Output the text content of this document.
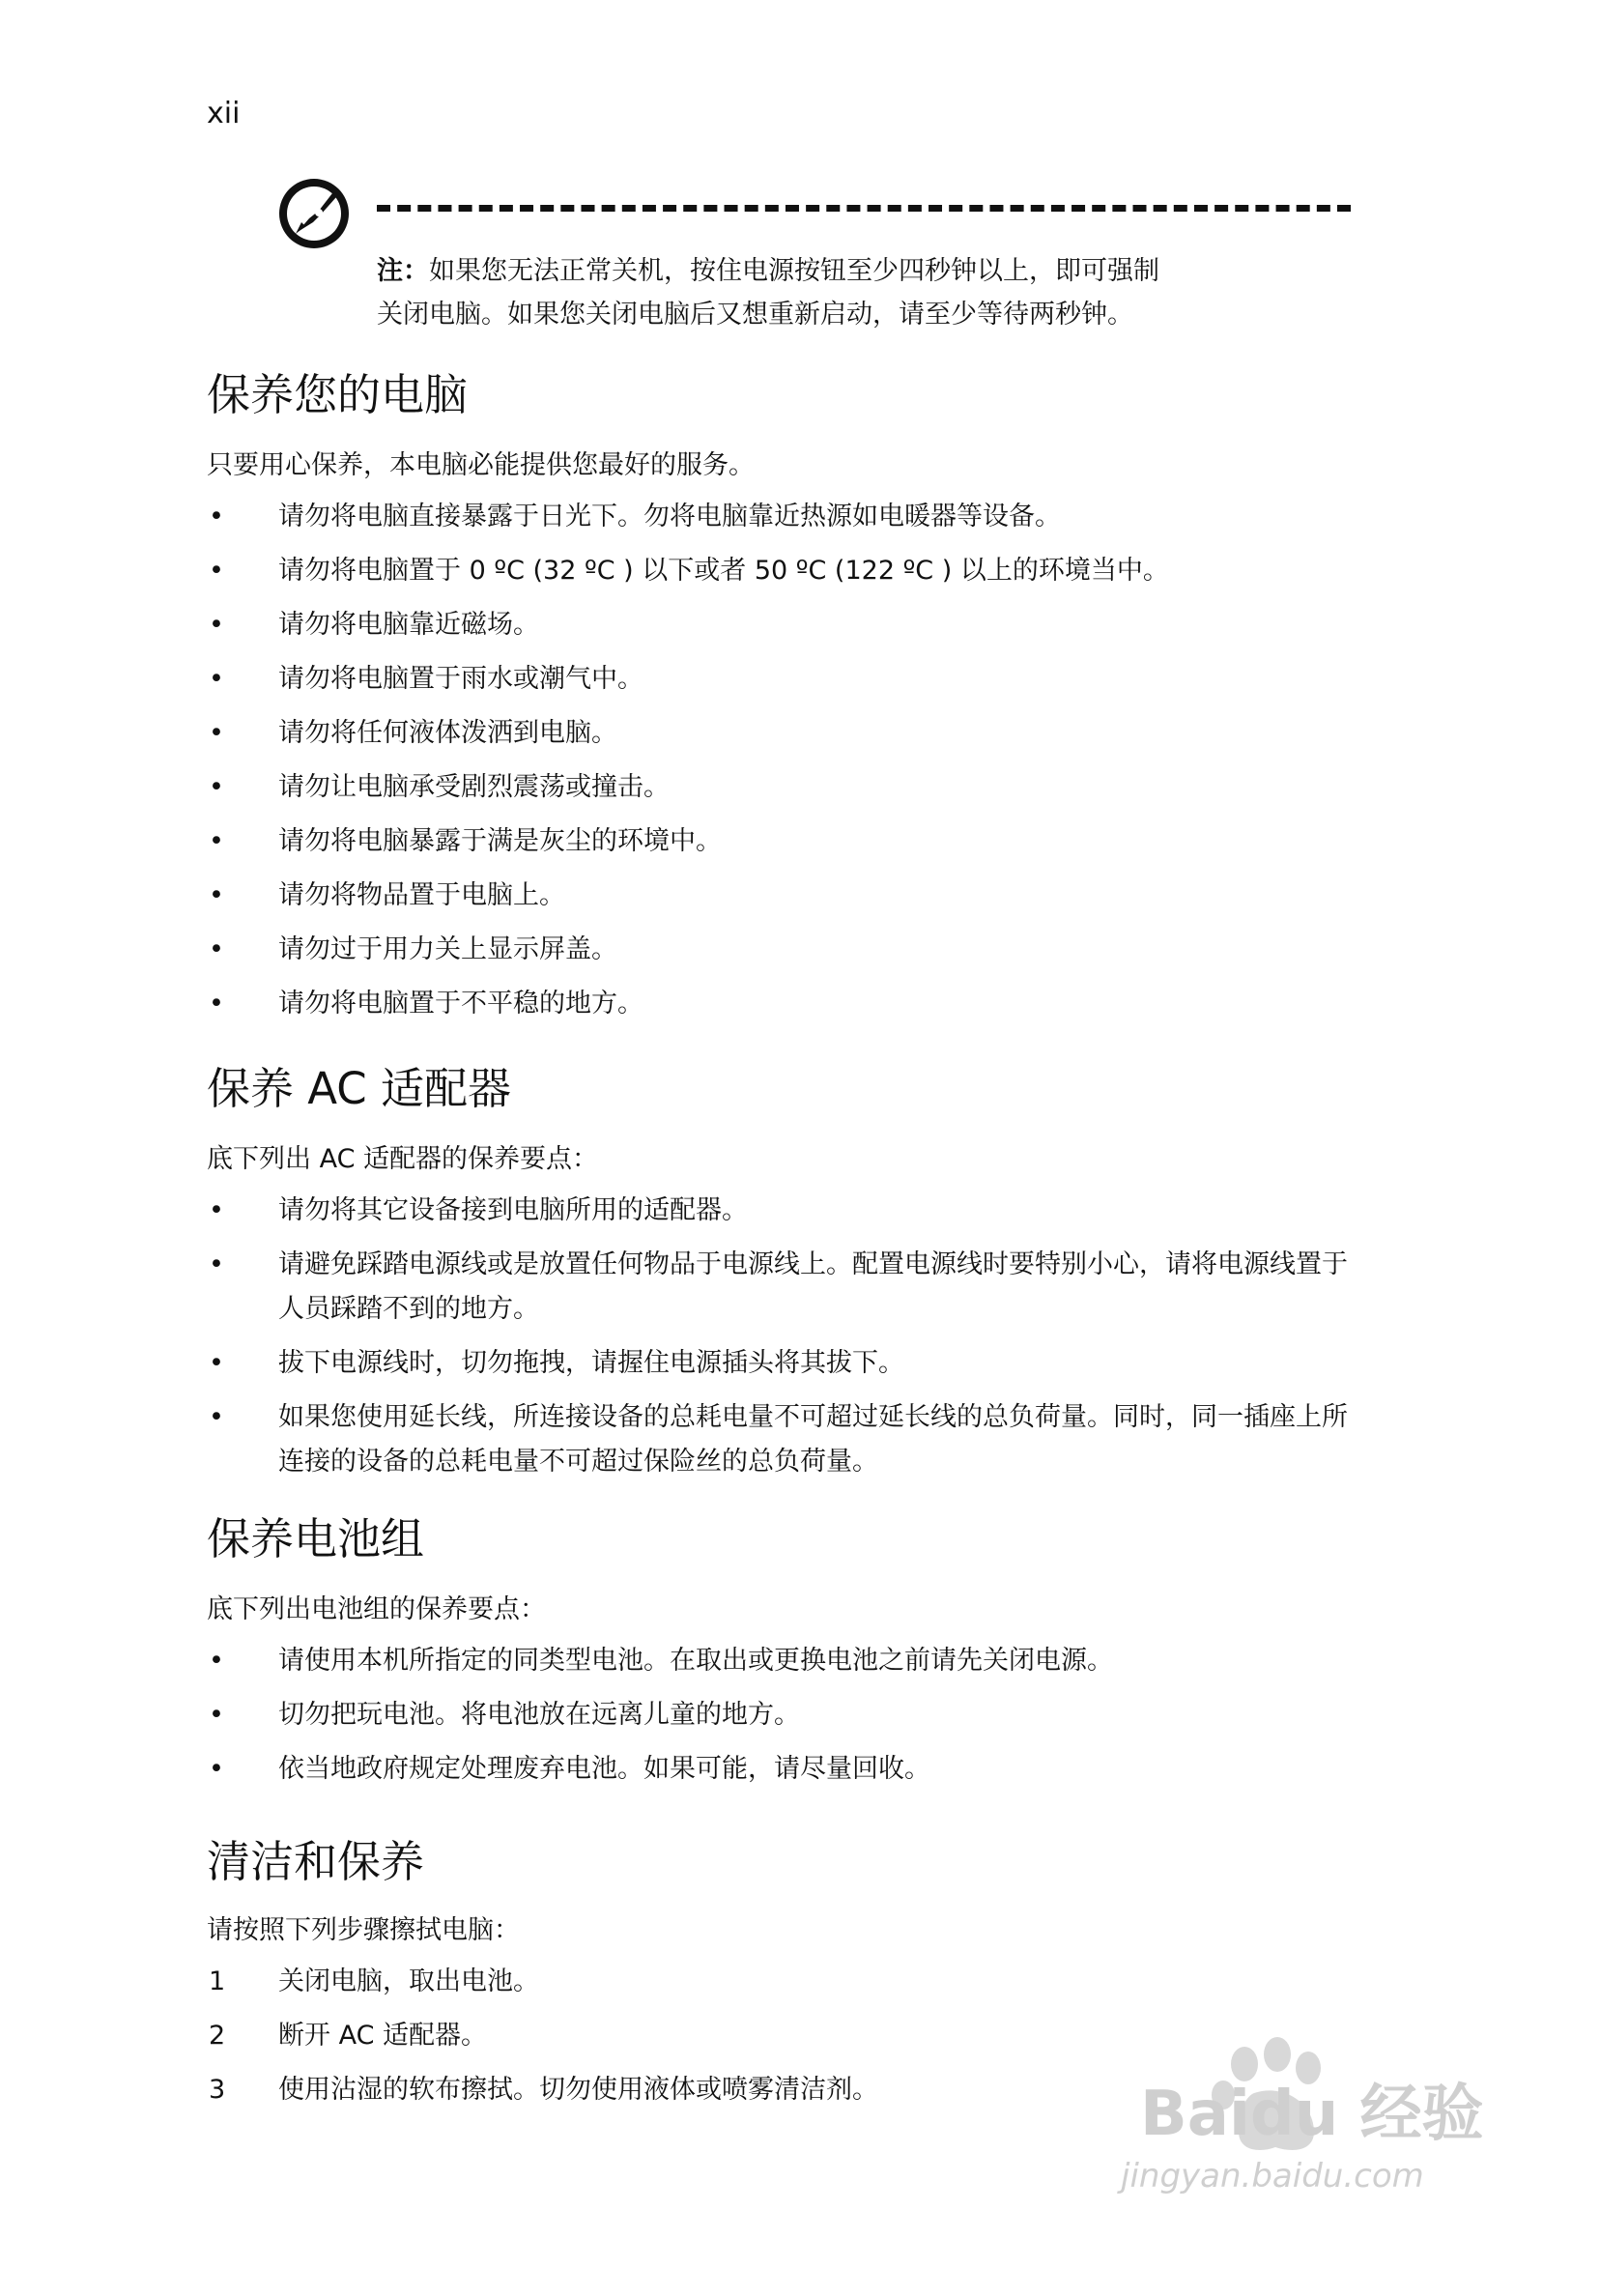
xii
注：如果您无法正常关机，按住电源按钮至少四秒钟以上，即可强制
关闭电脑。如果您关闭电脑后又想重新启动，请至少等待两秒钟。
保养您的电脑
只要用心保养，本电脑必能提供您最好的服务。
• 请勿将电脑直接暴露于日光下。勿将电脑靠近热源如电暖器等设备。
• 请勿将电脑置于 0 ºC (32 ºC ) 以下或者 50 ºC (122 ºC ) 以上的环境当中。
• 请勿将电脑靠近磁场。
• 请勿将电脑置于雨水或潮气中。
• 请勿将任何液体泼洒到电脑。
• 请勿让电脑承受剧烈震荡或撞击。
• 请勿将电脑暴露于满是灰尘的环境中。
• 请勿将物品置于电脑上。
• 请勿过于用力关上显示屏盖。
• 请勿将电脑置于不平稳的地方。
保养 AC 适配器
底下列出 AC 适配器的保养要点：
• 请勿将其它设备接到电脑所用的适配器。
• 请避免踩踏电源线或是放置任何物品于电源线上。配置电源线时要特别小心，请将电源线置于人员踩踏不到的地方。
• 拔下电源线时，切勿拖拽，请握住电源插头将其拔下。
• 如果您使用延长线，所连接设备的总耗电量不可超过延长线的总负荷量。同时，同一插座上所连接的设备的总耗电量不可超过保险丝的总负荷量。
保养电池组
底下列出电池组的保养要点：
• 请使用本机所指定的同类型电池。在取出或更换电池之前请先关闭电源。
• 切勿把玩电池。将电池放在远离儿童的地方。
• 依当地政府规定处理废弃电池。如果可能，请尽量回收。
清洁和保养
请按照下列步骤擦拭电脑：
1 关闭电脑，取出电池。
2 断开 AC 适配器。
3 使用沾湿的软布擦拭。切勿使用液体或喷雾清洁剂。	Baidu 经验
jingyan.baidu.com
